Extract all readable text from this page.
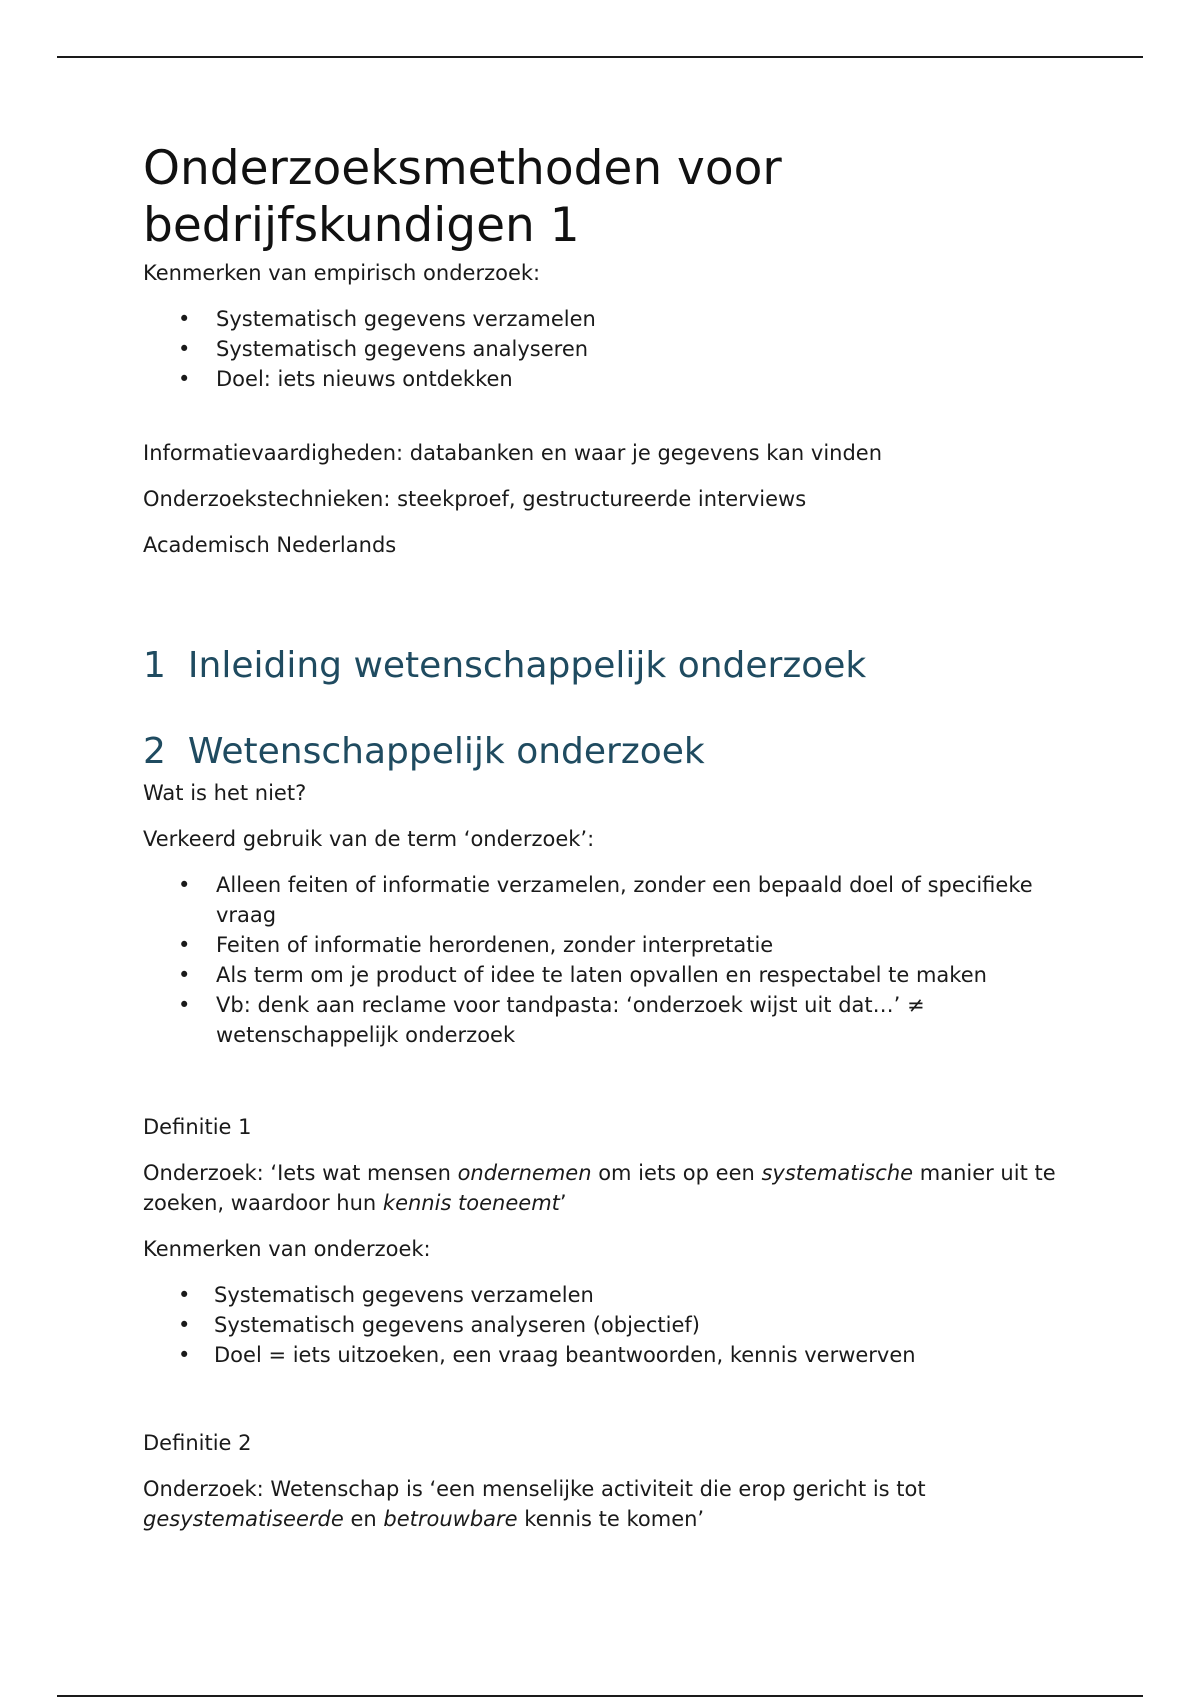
Onderzoeksmethoden voor bedrijfskundigen 1

Kenmerken van empirisch onderzoek:

• Systematisch gegevens verzamelen
• Systematisch gegevens analyseren
• Doel: iets nieuws ontdekken

Informatievaardigheden: databanken en waar je gegevens kan vinden

Onderzoekstechnieken: steekproef, gestructureerde interviews

Academisch Nederlands

1 Inleiding wetenschappelijk onderzoek
2 Wetenschappelijk onderzoek

Wat is het niet?

Verkeerd gebruik van de term ‘onderzoek’:

• Alleen feiten of informatie verzamelen, zonder een bepaald doel of specifieke vraag
• Feiten of informatie herordenen, zonder interpretatie
• Als term om je product of idee te laten opvallen en respectabel te maken
• Vb: denk aan reclame voor tandpasta: ‘onderzoek wijst uit dat…’ ≠ wetenschappelijk onderzoek

Definitie 1

Onderzoek: ‘Iets wat mensen ondernemen om iets op een systematische manier uit te zoeken, waardoor hun kennis toeneemt’

Kenmerken van onderzoek:

• Systematisch gegevens verzamelen
• Systematisch gegevens analyseren (objectief)
• Doel = iets uitzoeken, een vraag beantwoorden, kennis verwerven

Definitie 2

Onderzoek: Wetenschap is ‘een menselijke activiteit die erop gericht is tot gesystematiseerde en betrouwbare kennis te komen’
